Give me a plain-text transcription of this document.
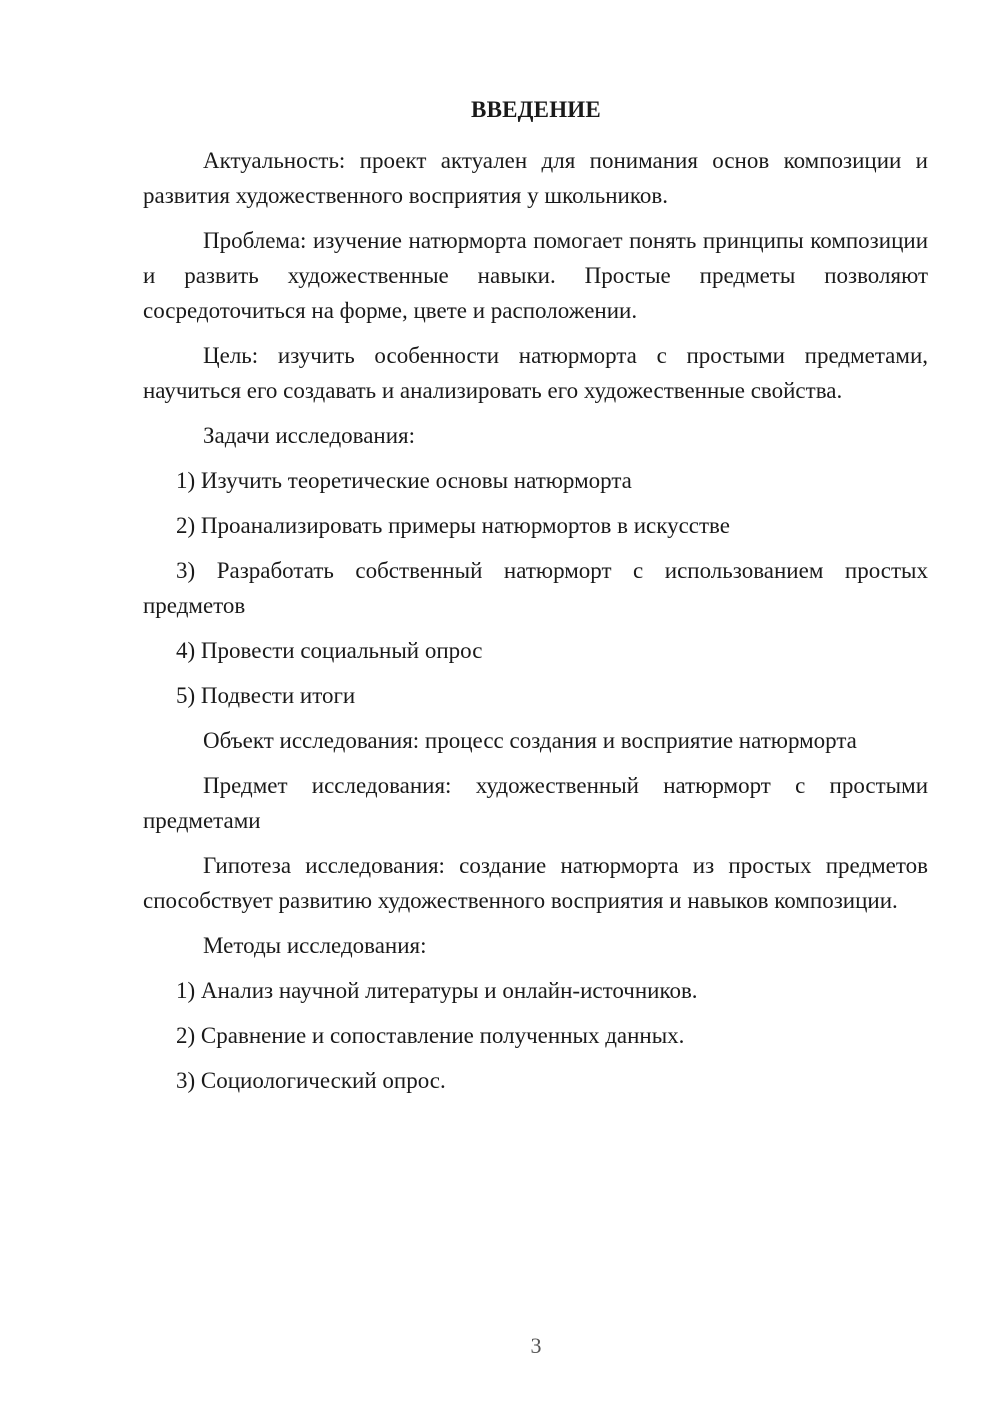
ВВЕДЕНИЕ

Актуальность: проект актуален для понимания основ композиции и развития художественного восприятия у школьников.

Проблема: изучение натюрморта помогает понять принципы композиции и развить художественные навыки. Простые предметы позволяют сосредоточиться на форме, цвете и расположении.

Цель: изучить особенности натюрморта с простыми предметами, научиться его создавать и анализировать его художественные свойства.

Задачи исследования:

1) Изучить теоретические основы натюрморта

2) Проанализировать примеры натюрмортов в искусстве

3) Разработать собственный натюрморт с использованием простых предметов

4) Провести социальный опрос

5) Подвести итоги

Объект исследования: процесс создания и восприятие натюрморта

Предмет исследования: художественный натюрморт с простыми предметами

Гипотеза исследования: создание натюрморта из простых предметов способствует развитию художественного восприятия и навыков композиции.

Методы исследования:

1) Анализ научной литературы и онлайн-источников.

2) Сравнение и сопоставление полученных данных.

3) Социологический опрос.

3
